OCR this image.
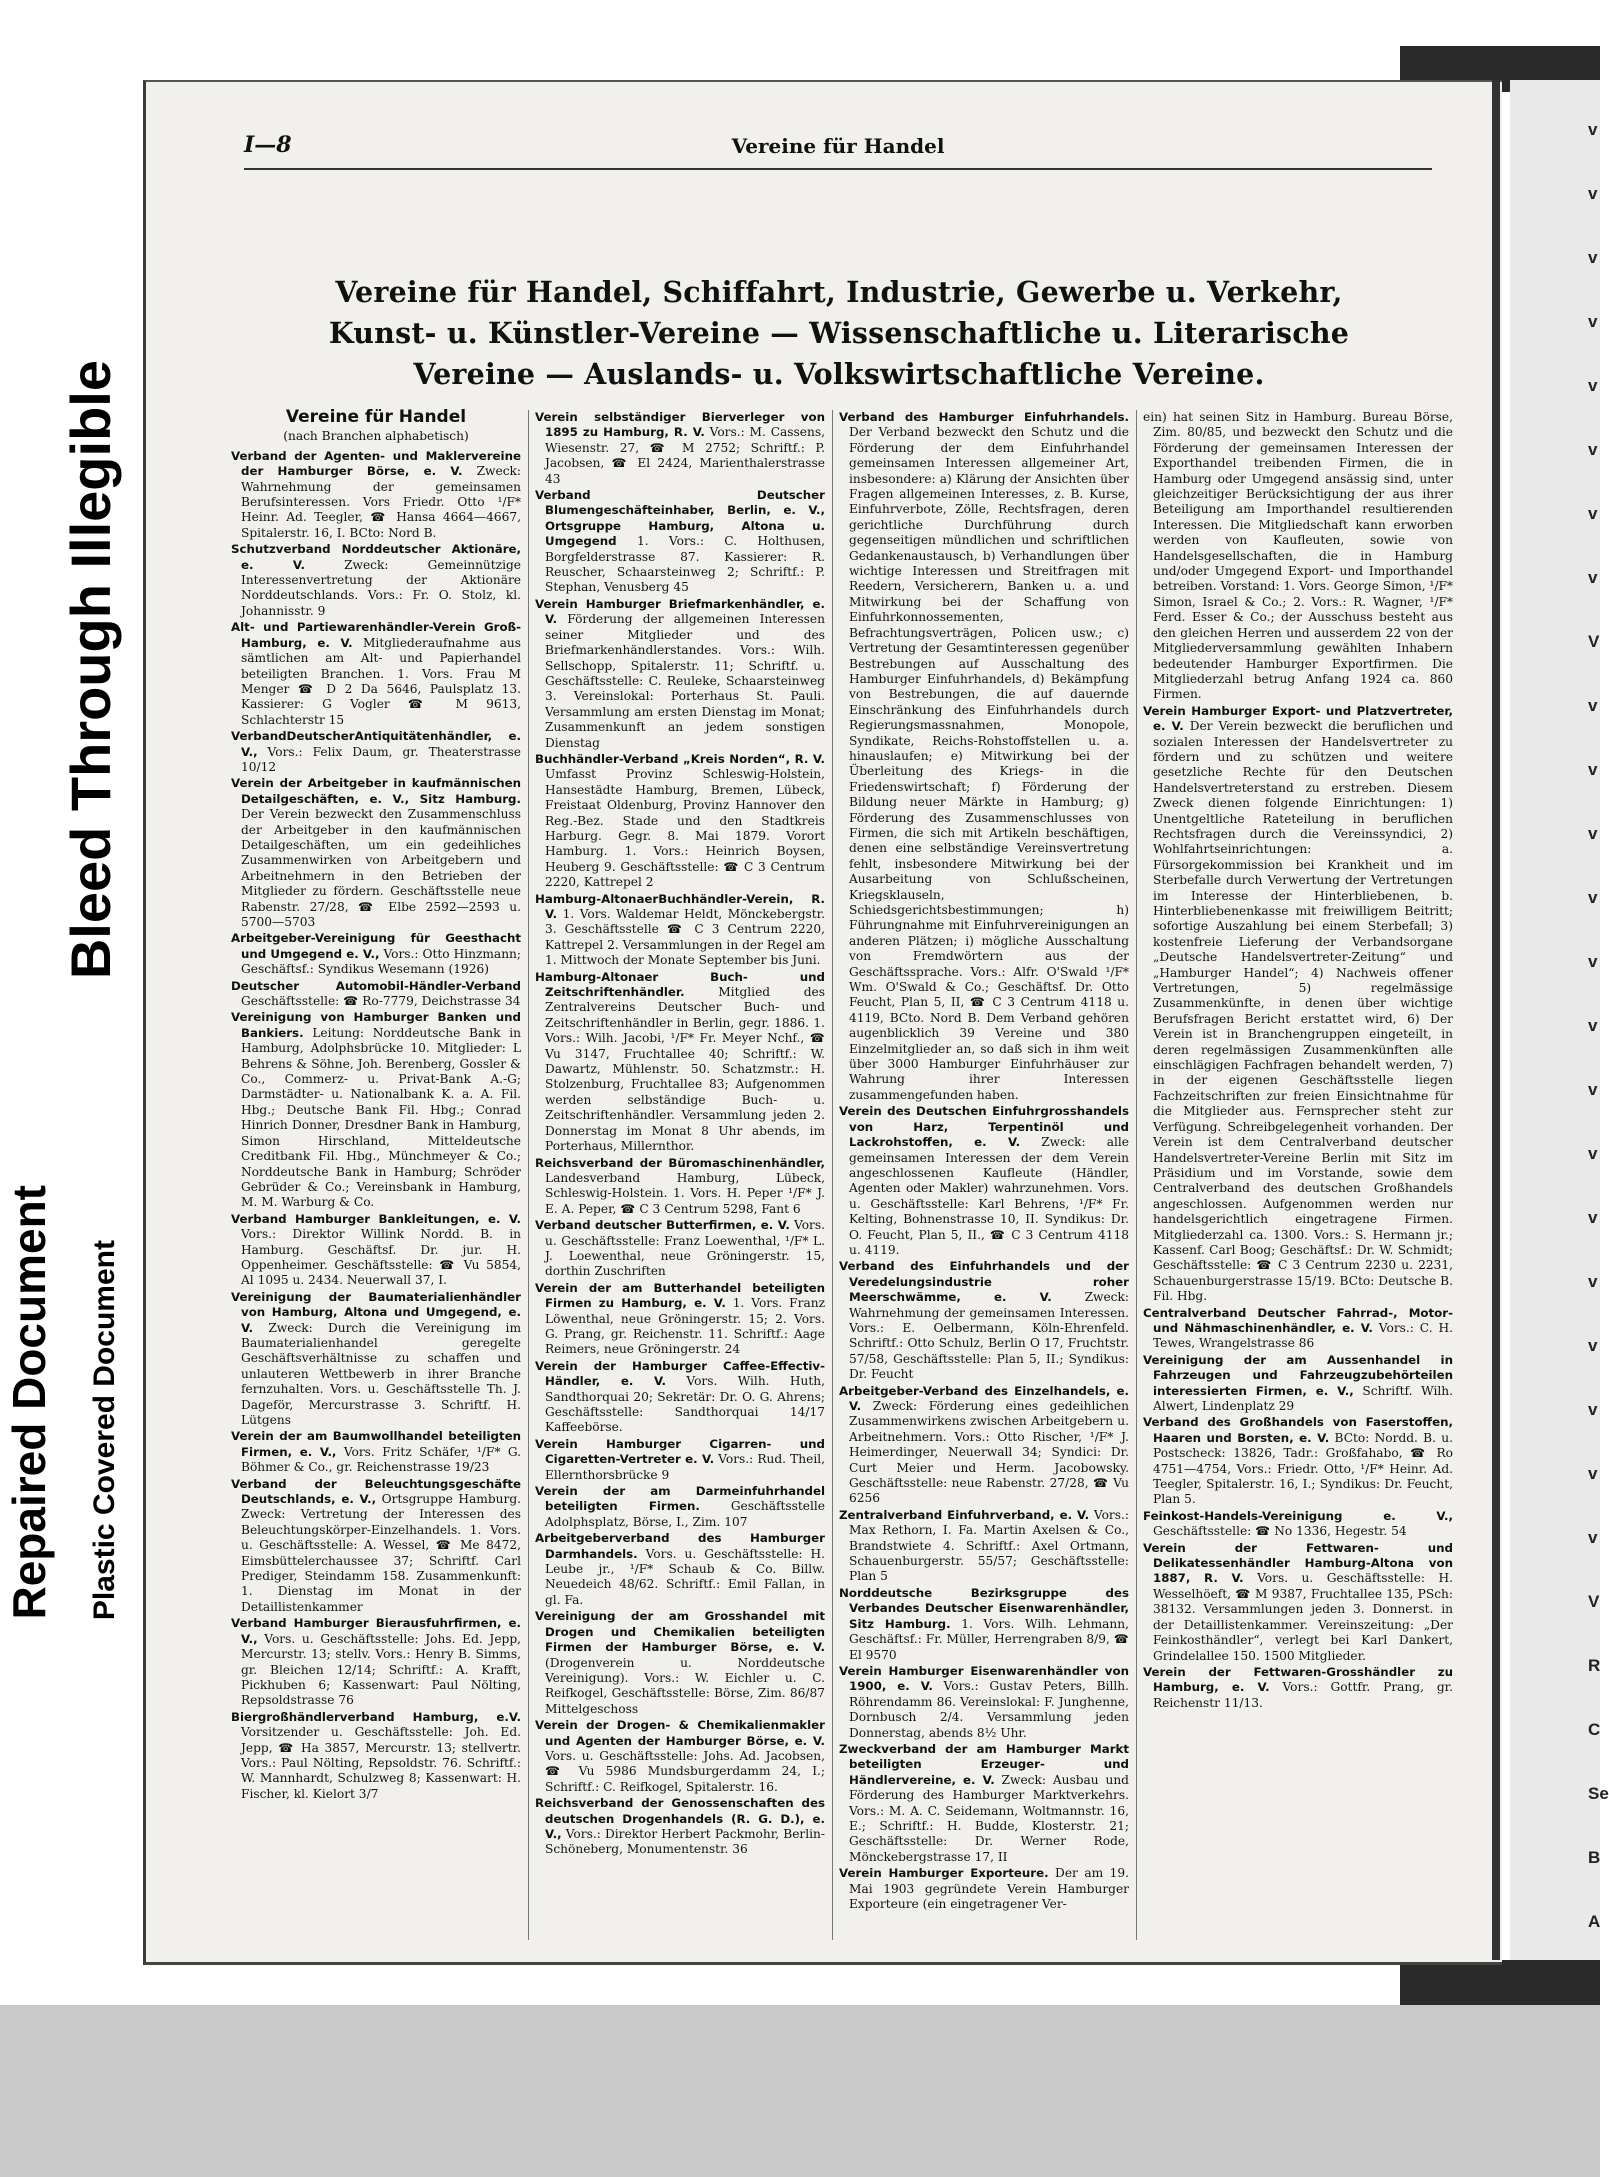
Bleed Through Illegible
Repaired Document Plastic Covered Document
v
v
v
v
v
v
v
v
V
v
v
v
v
v
v
v
v
v
v
v
v
v
v
V
R
C
Se
B
A
I—8	Vereine für Handel
Vereine für Handel, Schiffahrt, Industrie, Gewerbe u. Verkehr,
Kunst- u. Künstler-Vereine — Wissenschaftliche u. Literarische
Vereine — Auslands- u. Volkswirtschaftliche Vereine.
Vereine für Handel
(nach Branchen alphabetisch)

Verband der Agenten- und Maklervereine der Hamburger Börse, e. V. Zweck: Wahrnehmung der gemeinsamen Berufsinteressen. Vors Friedr. Otto ¹/F* Heinr. Ad. Teegler, ☎ Hansa 4664—4667, Spitalerstr. 16, I. BCto: Nord B.

Schutzverband Norddeutscher Aktionäre, e. V.	Zweck: Gemeinnützige Interessenvertretung der Aktionäre Norddeutschlands. Vors.: Fr. O. Stolz, kl. Johannisstr. 9

Alt- und Partiewarenhändler-Verein Groß-Hamburg, e. V. Mitgliederaufnahme aus sämtlichen am Alt- und Papierhandel beteiligten Branchen. 1. Vors. Frau M Menger ☎ D 2 Da 5646, Paulsplatz 13. Kassierer: G Vogler ☎ M 9613, Schlachterstr 15

VerbandDeutscherAntiquitätenhändler, e. V., Vors.: Felix Daum, gr. Theaterstrasse 10/12

Verein der Arbeitgeber in kaufmännischen Detailgeschäften, e. V., Sitz Hamburg. Der Verein bezweckt den Zusammenschluss der Arbeitgeber in den kaufmännischen Detailgeschäften, um ein gedeihliches Zusammenwirken von Arbeitgebern und Arbeitnehmern in den Betrieben der Mitglieder zu fördern. Geschäftsstelle neue Rabenstr. 27/28, ☎ Elbe 2592—2593 u. 5700—5703

Arbeitgeber-Vereinigung für Geesthacht und Umgegend e. V., Vors.: Otto Hinzmann; Geschäftsf.: Syndikus Wesemann (1926)

Deutscher Automobil-Händler-Verband Geschäftsstelle: ☎ Ro-7779, Deichstrasse 34

Vereinigung von Hamburger Banken und Bankiers. Leitung: Norddeutsche Bank in Hamburg, Adolphsbrücke 10. Mitglieder: L Behrens & Söhne, Joh. Berenberg, Gossler & Co., Commerz- u. Privat-Bank A.-G; Darmstädter- u. Nationalbank K. a. A. Fil. Hbg.; Deutsche Bank Fil. Hbg.; Conrad Hinrich Donner, Dresdner Bank in Hamburg, Simon Hirschland, Mitteldeutsche Creditbank Fil. Hbg., Münchmeyer & Co.; Norddeutsche Bank in Hamburg; Schröder Gebrüder & Co.; Vereinsbank in Hamburg, M. M. Warburg & Co.

Verband Hamburger Bankleitungen, e. V. Vors.: Direktor Willink Nordd. B. in Hamburg. Geschäftsf. Dr. jur. H. Oppenheimer. Geschäftsstelle: ☎ Vu 5854, Al 1095 u. 2434. Neuerwall 37, I.

Vereinigung der Baumaterialienhändler von Hamburg, Altona und Umgegend, e. V. Zweck: Durch die Vereinigung im Baumaterialienhandel geregelte Geschäftsverhältnisse zu schaffen und unlauteren Wettbewerb in ihrer Branche fernzuhalten. Vors. u. Geschäftsstelle Th. J. Dageför, Mercurstrasse 3. Schriftf. H. Lütgens

Verein der am Baumwollhandel beteiligten Firmen, e. V., Vors. Fritz Schäfer, ¹/F* G. Böhmer & Co., gr. Reichenstrasse 19/23

Verband der Beleuchtungsgeschäfte Deutschlands, e. V., Ortsgruppe Hamburg. Zweck: Vertretung der Interessen des Beleuchtungskörper-Einzelhandels. 1. Vors. u. Geschäftsstelle: A. Wessel, ☎ Me 8472, Eimsbüttelerchaussee 37; Schriftf. Carl Prediger, Steindamm 158. Zusammenkunft: 1. Dienstag im Monat in der Detaillistenkammer

Verband Hamburger Bierausfuhrfirmen, e. V., Vors. u. Geschäftsstelle: Johs. Ed. Jepp, Mercurstr. 13; stellv. Vors.: Henry B. Simms, gr. Bleichen 12/14; Schriftf.: A. Krafft, Pickhuben 6; Kassenwart: Paul Nölting, Repsoldstrasse 76

Biergroßhändlerverband Hamburg, e.V. Vorsitzender u. Geschäftsstelle: Joh. Ed. Jepp, ☎ Ha 3857, Mercurstr. 13; stellvertr. Vors.: Paul Nölting, Repsoldstr. 76. Schriftf.: W. Mannhardt, Schulzweg 8; Kassenwart: H. Fischer, kl. Kielort 3/7

Verein selbständiger Bierverleger von 1895 zu Hamburg, R. V. Vors.: M. Cassens, Wiesenstr. 27, ☎ M 2752; Schriftf.: P. Jacobsen, ☎ El 2424, Marienthalerstrasse 43

Verband Deutscher Blumengeschäfteinhaber, Berlin, e. V., Ortsgruppe Hamburg, Altona u. Umgegend 1. Vors.: C. Holthusen, Borgfelderstrasse 87. Kassierer: R. Reuscher, Schaarsteinweg 2; Schriftf.: P. Stephan, Venusberg 45

Verein Hamburger Briefmarkenhändler, e. V. Förderung der allgemeinen Interessen seiner Mitglieder und des Briefmarkenhändlerstandes. Vors.: Wilh. Sellschopp, Spitalerstr. 11; Schriftf. u. Geschäftsstelle: C. Reuleke, Schaarsteinweg 3. Vereinslokal: Porterhaus St. Pauli. Versammlung am ersten Dienstag im Monat; Zusammenkunft an jedem sonstigen Dienstag

Buchhändler-Verband „Kreis Norden“, R. V. Umfasst Provinz Schleswig-Holstein, Hansestädte Hamburg, Bremen, Lübeck, Freistaat Oldenburg, Provinz Hannover den Reg.-Bez. Stade und den Stadtkreis Harburg. Gegr. 8. Mai 1879. Vorort Hamburg. 1. Vors.: Heinrich Boysen, Heuberg 9. Geschäftsstelle: ☎ C 3 Centrum 2220, Kattrepel 2

Hamburg-AltonaerBuchhändler-Verein, R. V. 1. Vors. Waldemar Heldt, Mönckebergstr. 3. Geschäftsstelle ☎ C 3 Centrum 2220, Kattrepel 2. Versammlungen in der Regel am 1. Mittwoch der Monate September bis Juni.

Hamburg-Altonaer Buch- und Zeitschriftenhändler.	Mitglied des Zentralvereins Deutscher Buch- und Zeitschriftenhändler in Berlin, gegr. 1886. 1. Vors.: Wilh. Jacobi, ¹/F* Fr. Meyer Nchf., ☎ Vu 3147, Fruchtallee 40; Schriftf.: W. Dawartz, Mühlenstr. 50. Schatzmstr.: H. Stolzenburg, Fruchtallee 83; Aufgenommen werden selbständige Buch- u. Zeitschriftenhändler. Versammlung jeden 2. Donnerstag im Monat 8 Uhr abends, im Porterhaus, Millernthor.

Reichsverband der Büromaschinenhändler, Landesverband Hamburg, Lübeck, Schleswig-Holstein. 1. Vors. H. Peper ¹/F* J. E. A. Peper, ☎ C 3 Centrum 5298, Fant 6

Verband deutscher Butterfirmen, e. V. Vors. u. Geschäftsstelle: Franz Loewenthal, ¹/F* L. J. Loewenthal, neue Gröningerstr. 15, dorthin Zuschriften

Verein der am Butterhandel beteiligten Firmen zu Hamburg, e. V. 1. Vors. Franz Löwenthal, neue Gröningerstr. 15; 2. Vors. G. Prang, gr. Reichenstr. 11. Schriftf.: Aage Reimers, neue Gröningerstr. 24

Verein der Hamburger Caffee-Effectiv-Händler, e. V. Vors. Wilh. Huth, Sandthorquai 20; Sekretär: Dr. O. G. Ahrens; Geschäftsstelle: Sandthorquai 14/17 Kaffeebörse.

Verein Hamburger Cigarren- und Cigaretten-Vertreter e. V. Vors.: Rud. Theil, Ellernthorsbrücke 9

Verein der am Darmeinfuhrhandel beteiligten Firmen.	Geschäftsstelle Adolphsplatz, Börse, I., Zim. 107

Arbeitgeberverband des Hamburger Darmhandels. Vors. u. Geschäftsstelle: H. Leube jr., ¹/F* Schaub & Co. Billw. Neuedeich 48/62. Schriftf.: Emil Fallan, in gl. Fa.

Vereinigung der am Grosshandel mit Drogen und Chemikalien beteiligten Firmen der Hamburger Börse, e. V. (Drogenverein u. Norddeutsche Vereinigung). Vors.: W. Eichler u. C. Reifkogel, Geschäftsstelle: Börse, Zim. 86/87 Mittelgeschoss

Verein der Drogen- & Chemikalienmakler und Agenten der Hamburger Börse, e. V. Vors. u. Geschäftsstelle: Johs. Ad. Jacobsen, ☎ Vu 5986 Mundsburgerdamm 24, I.; Schriftf.: C. Reifkogel, Spitalerstr. 16.

Reichsverband der Genossenschaften des deutschen Drogenhandels (R. G. D.), e. V., Vors.: Direktor Herbert Packmohr, Berlin-Schöneberg, Monumentenstr. 36

Verband des Hamburger Einfuhrhandels. Der Verband bezweckt den Schutz und die Förderung der dem Einfuhrhandel gemeinsamen Interessen allgemeiner Art, insbesondere: a) Klärung der Ansichten über Fragen allgemeinen Interesses, z. B. Kurse, Einfuhrverbote, Zölle, Rechtsfragen, deren gerichtliche Durchführung durch gegenseitigen mündlichen und schriftlichen Gedankenaustausch, b) Verhandlungen über wichtige Interessen und Streitfragen mit Reedern, Versicherern, Banken u. a. und Mitwirkung bei der Schaffung von Einfuhrkonnossementen, Befrachtungsverträgen, Policen usw.; c) Vertretung der Gesamtinteressen gegenüber Bestrebungen auf Ausschaltung des Hamburger Einfuhrhandels, d) Bekämpfung von Bestrebungen, die auf dauernde Einschränkung des Einfuhrhandels durch Regierungsmassnahmen, Monopole, Syndikate, Reichs-Rohstoffstellen u. a. hinauslaufen; e) Mitwirkung bei der Überleitung des Kriegs- in die Friedenswirtschaft; f) Förderung der Bildung neuer Märkte in Hamburg; g) Förderung des Zusammenschlusses von Firmen, die sich mit Artikeln beschäftigen, denen eine selbständige Vereinsvertretung fehlt, insbesondere Mitwirkung bei der Ausarbeitung von Schlußscheinen, Kriegsklauseln, Schiedsgerichtsbestimmungen; h) Führungnahme mit Einfuhrvereinigungen an anderen Plätzen; i) mögliche Ausschaltung von Fremdwörtern aus der Geschäftssprache. Vors.: Alfr. O'Swald ¹/F* Wm. O'Swald & Co.; Geschäftsf. Dr. Otto Feucht, Plan 5, II, ☎ C 3 Centrum 4118 u. 4119, BCto. Nord B. Dem Verband gehören augenblicklich 39 Vereine und 380 Einzelmitglieder an, so daß sich in ihm weit über 3000 Hamburger Einfuhrhäuser zur Wahrung ihrer Interessen zusammengefunden haben.

Verein des Deutschen Einfuhrgrosshandels von Harz, Terpentinöl und Lackrohstoffen, e. V. Zweck: alle gemeinsamen Interessen der dem Verein angeschlossenen Kaufleute (Händler, Agenten oder Makler) wahrzunehmen. Vors. u. Geschäftsstelle: Karl Behrens, ¹/F* Fr. Kelting, Bohnenstrasse 10, II. Syndikus: Dr. O. Feucht, Plan 5, II., ☎ C 3 Centrum 4118 u. 4119.

Verband des Einfuhrhandels und der Veredelungsindustrie roher Meerschwämme, e. V.	Zweck: Wahrnehmung der gemeinsamen Interessen. Vors.: E. Oelbermann, Köln-Ehrenfeld. Schriftf.: Otto Schulz, Berlin O 17, Fruchtstr. 57/58, Geschäftsstelle: Plan 5, II.; Syndikus: Dr. Feucht

Arbeitgeber-Verband des Einzelhandels, e. V. Zweck: Förderung eines gedeihlichen Zusammenwirkens zwischen Arbeitgebern u. Arbeitnehmern. Vors.: Otto Rischer, ¹/F* J. Heimerdinger, Neuerwall 34; Syndici: Dr. Curt Meier und Herm. Jacobowsky. Geschäftsstelle: neue Rabenstr. 27/28, ☎ Vu 6256

Zentralverband Einfuhrverband, e. V. Vors.: Max Rethorn, I. Fa. Martin Axelsen & Co., Brandstwiete 4. Schriftf.: Axel Ortmann, Schauenburgerstr. 55/57; Geschäftsstelle: Plan 5

Norddeutsche Bezirksgruppe des Verbandes Deutscher Eisenwarenhändler, Sitz Hamburg. 1. Vors. Wilh. Lehmann, Geschäftsf.: Fr. Müller, Herrengraben 8/9, ☎ El 9570

Verein Hamburger Eisenwarenhändler von 1900, e. V. Vors.: Gustav Peters, Billh. Röhrendamm 86. Vereinslokal: F. Junghenne, Dornbusch 2/4. Versammlung jeden Donnerstag, abends 8½ Uhr.

Zweckverband der am Hamburger Markt beteiligten Erzeuger- und Händlervereine, e. V. Zweck: Ausbau und Förderung des Hamburger Marktverkehrs. Vors.: M. A. C. Seidemann, Woltmannstr. 16, E.; Schriftf.: H. Budde, Klosterstr. 21; Geschäftsstelle: Dr. Werner Rode, Mönckebergstrasse 17, II

Verein Hamburger Exporteure. Der am 19. Mai 1903 gegründete Verein Hamburger Exporteure (ein eingetragener Ver-

ein) hat seinen Sitz in Hamburg. Bureau Börse, Zim. 80/85, und bezweckt den Schutz und die Förderung der gemeinsamen Interessen der Exporthandel treibenden Firmen, die in Hamburg oder Umgegend ansässig sind, unter gleichzeitiger Berücksichtigung der aus ihrer Beteiligung am Importhandel resultierenden Interessen. Die Mitgliedschaft kann erworben werden von Kaufleuten, sowie von Handelsgesellschaften, die in Hamburg und/oder Umgegend Export- und Importhandel betreiben. Vorstand: 1. Vors. George Simon, ¹/F* Simon, Israel & Co.; 2. Vors.: R. Wagner, ¹/F* Ferd. Esser & Co.; der Ausschuss besteht aus den gleichen Herren und ausserdem 22 von der Mitgliederversammlung gewählten Inhabern bedeutender Hamburger Exportfirmen. Die Mitgliederzahl betrug Anfang 1924 ca. 860 Firmen.

Verein Hamburger Export- und Platzvertreter, e. V. Der Verein bezweckt die beruflichen und sozialen Interessen der Handelsvertreter zu fördern und zu schützen und weitere gesetzliche Rechte für den Deutschen Handelsvertreterstand zu erstreben. Diesem Zweck dienen folgende Einrichtungen: 1) Unentgeltliche Rateteilung in beruflichen Rechtsfragen durch die Vereinssyndici, 2) Wohlfahrtseinrichtungen: a. Fürsorgekommission bei Krankheit und im Sterbefalle durch Verwertung der Vertretungen im Interesse der Hinterbliebenen, b. Hinterbliebenenkasse mit freiwilligem Beitritt; sofortige Auszahlung bei einem Sterbefall; 3) kostenfreie Lieferung der Verbandsorgane „Deutsche Handelsvertreter-Zeitung“ und „Hamburger Handel“; 4) Nachweis offener Vertretungen, 5) regelmässige Zusammenkünfte, in denen über wichtige Berufsfragen Bericht erstattet wird, 6) Der Verein ist in Branchengruppen eingeteilt, in deren regelmässigen Zusammenkünften alle einschlägigen Fachfragen behandelt werden, 7) in der eigenen Geschäftsstelle liegen Fachzeitschriften zur freien Einsichtnahme für die Mitglieder aus. Fernsprecher steht zur Verfügung. Schreibgelegenheit vorhanden. Der Verein ist dem Centralverband deutscher Handelsvertreter-Vereine Berlin mit Sitz im Präsidium und im Vorstande, sowie dem Centralverband des deutschen Großhandels angeschlossen. Aufgenommen werden nur handelsgerichtlich eingetragene Firmen. Mitgliederzahl ca. 1300. Vors.: S. Hermann jr.; Kassenf. Carl Boog; Geschäftsf.: Dr. W. Schmidt; Geschäftsstelle: ☎ C 3 Centrum 2230 u. 2231, Schauenburgerstrasse 15/19. BCto: Deutsche B. Fil. Hbg.

Centralverband Deutscher Fahrrad-, Motor- und Nähmaschinenhändler, e. V. Vors.: C. H. Tewes, Wrangelstrasse 86

Vereinigung der am Aussenhandel in Fahrzeugen und Fahrzeugzubehörteilen interessierten Firmen, e. V., Schriftf. Wilh. Alwert, Lindenplatz 29

Verband des Großhandels von Faserstoffen, Haaren und Borsten, e. V. BCto: Nordd. B. u. Postscheck: 13826, Tadr.: Großfahabo, ☎ Ro 4751—4754, Vors.: Friedr. Otto, ¹/F* Heinr. Ad. Teegler, Spitalerstr. 16, I.; Syndikus: Dr. Feucht, Plan 5.

Feinkost-Handels-Vereinigung e. V., Geschäftsstelle: ☎ No 1336, Hegestr. 54

Verein der Fettwaren- und Delikatessenhändler Hamburg-Altona von 1887, R. V. Vors. u. Geschäftsstelle: H. Wesselhöeft, ☎ M 9387, Fruchtallee 135, PSch: 38132. Versammlungen jeden 3. Donnerst. in der Detaillistenkammer. Vereinszeitung: „Der Feinkosthändler“, verlegt bei Karl Dankert, Grindelallee 150. 1500 Mitglieder.

Verein der Fettwaren-Grosshändler zu Hamburg, e. V. Vors.: Gottfr. Prang, gr. Reichenstr 11/13.
